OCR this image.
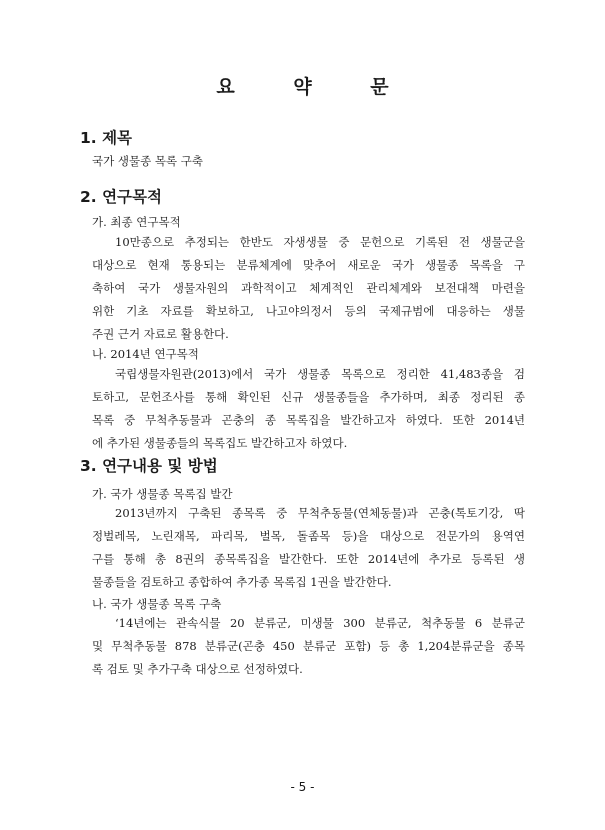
요 약 문
1. 제목
국가 생물종 목록 구축
2. 연구목적
가. 최종 연구목적
10만종으로 추정되는 한반도 자생생물 중 문헌으로 기록된 전 생물군을
대상으로 현재 통용되는 분류체계에 맞추어 새로운 국가 생물종 목록을 구
축하여 국가 생물자원의 과학적이고 체계적인 관리체계와 보전대책 마련을
위한 기초 자료를 확보하고, 나고야의정서 등의 국제규범에 대응하는 생물
주권 근거 자료로 활용한다.
나. 2014년 연구목적
국립생물자원관(2013)에서 국가 생물종 목록으로 정리한 41,483종을 검
토하고, 문헌조사를 통해 확인된 신규 생물종들을 추가하며, 최종 정리된 종
목록 중 무척추동물과 곤충의 종 목록집을 발간하고자 하였다. 또한 2014년
에 추가된 생물종들의 목록집도 발간하고자 하였다.
3. 연구내용 및 방법
가. 국가 생물종 목록집 발간
2013년까지 구축된 종목록 중 무척추동물(연체동물)과 곤충(톡토기강, 딱
정벌레목, 노린재목, 파리목, 벌목, 돌좀목 등)을 대상으로 전문가의 용역연
구를 통해 총 8권의 종목록집을 발간한다. 또한 2014년에 추가로 등록된 생
물종들을 검토하고 종합하여 추가종 목록집 1권을 발간한다.
나. 국가 생물종 목록 구축
‘14년에는 관속식물 20 분류군, 미생물 300 분류군, 척추동물 6 분류군
및 무척추동물 878 분류군(곤충 450 분류군 포함) 등 총 1,204분류군을 종목
록 검토 및 추가구축 대상으로 선정하였다.
- 5 -
